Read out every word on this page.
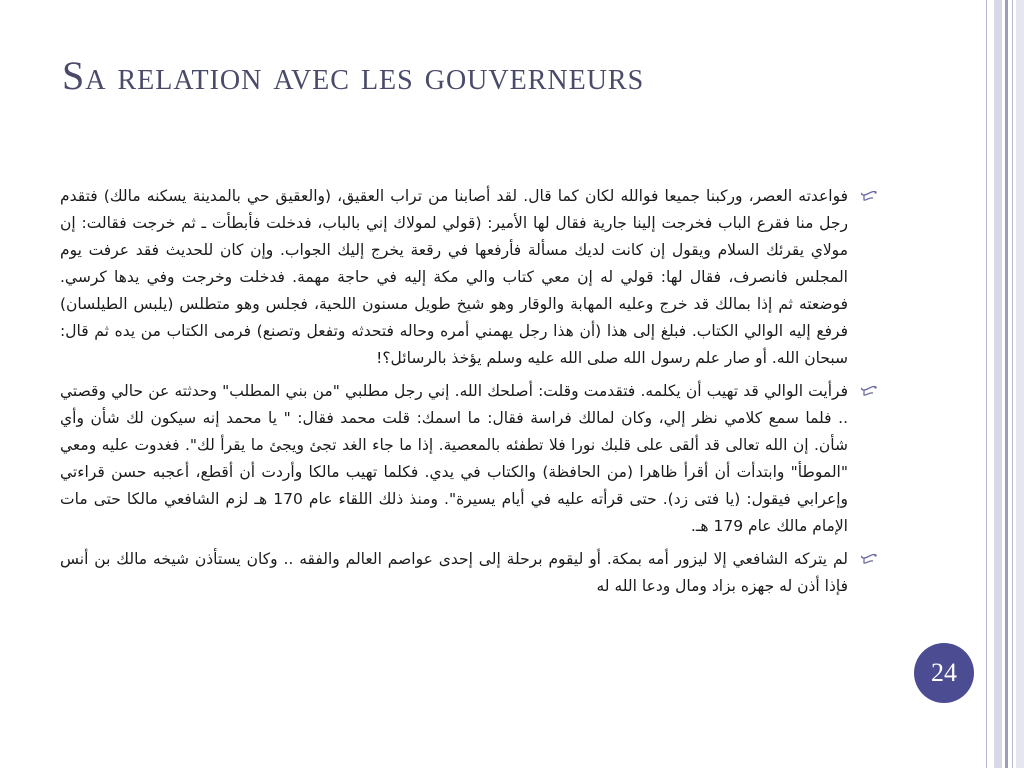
Sa relation avec les gouverneurs
فواعدته العصر، وركبنا جميعا فوالله لكان كما قال. لقد أصابنا من تراب العقيق، (والعقيق حي بالمدينة يسكنه مالك) فتقدم رجل منا فقرع الباب فخرجت إلينا جارية فقال لها الأمير: (قولي لمولاك إني بالباب، فدخلت فأبطأت ـ ثم خرجت فقالت: إن مولاي يقرئك السلام ويقول إن كانت لديك مسألة فأرفعها في رقعة يخرج إليك الجواب. وإن كان للحديث فقد عرفت يوم المجلس فانصرف، فقال لها: قولي له إن معي كتاب والي مكة إليه في حاجة مهمة. فدخلت وخرجت وفي يدها كرسي. فوضعته ثم إذا بمالك قد خرج وعليه المهابة والوقار وهو شيخ طويل مسنون اللحية، فجلس وهو متطلس (يلبس الطيلسان) فرفع إليه الوالي الكتاب. فبلغ إلى هذا (أن هذا رجل يهمني أمره وحاله فتحدثه وتفعل وتصنع) فرمى الكتاب من يده ثم قال: سبحان الله. أو صار علم رسول الله صلى الله عليه وسلم يؤخذ بالرسائل؟!
فرأيت الوالي قد تهيب أن يكلمه. فتقدمت وقلت: أصلحك الله. إني رجل مطلبي "من بني المطلب" وحدثته عن حالي وقصتي .. فلما سمع كلامي نظر إلي، وكان لمالك فراسة فقال: ما اسمك: قلت محمد فقال: " يا محمد إنه سيكون لك شأن وأي شأن. إن الله تعالى قد ألقى على قلبك نورا فلا تطفئه بالمعصية. إذا ما جاء الغد تجئ ويجئ ما يقرأ لك". فغدوت عليه ومعي "الموطأ" وابتدأت أن أقرأ ظاهرا (من الحافظة) والكتاب في يدي. فكلما تهيب مالكا وأردت أن أقطع، أعجبه حسن قراءتي وإعرابي فيقول: (يا فتى زد). حتى قرأته عليه في أيام يسيرة". ومنذ ذلك اللقاء عام 170 هـ لزم الشافعي مالكا حتى مات الإمام مالك عام 179 هـ.
لم يتركه الشافعي إلا ليزور أمه بمكة. أو ليقوم برحلة إلى إحدى عواصم العالم والفقه .. وكان يستأذن شيخه مالك بن أنس فإذا أذن له جهزه بزاد ومال ودعا الله له
24
